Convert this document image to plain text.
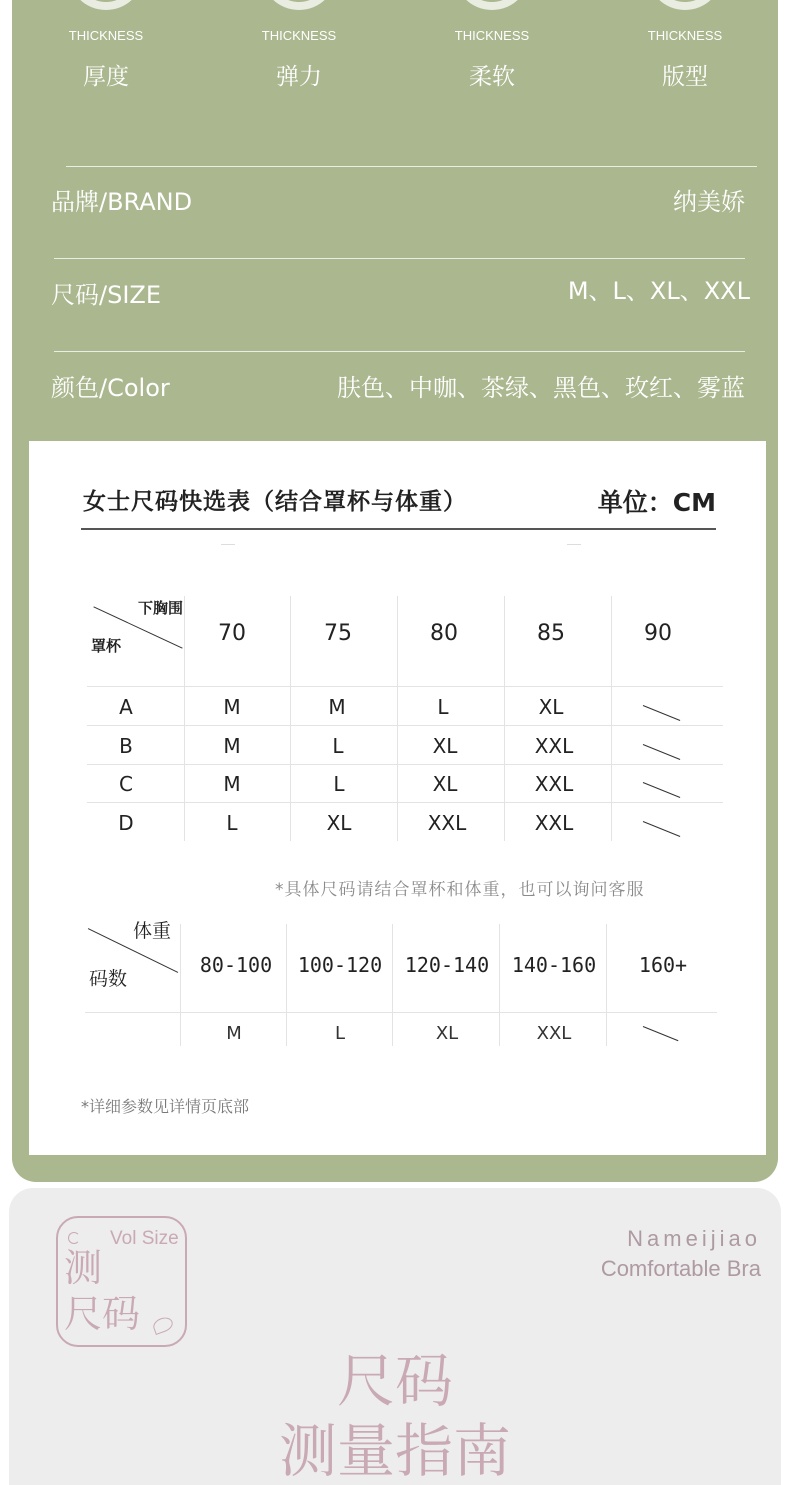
THICKNESS
厚度
THICKNESS
弹力
THICKNESS
柔软
THICKNESS
版型
品牌/BRAND	纳美娇
尺码/SIZE	M、L、XL、XXL
颜色/Color	肤色、中咖、茶绿、黑色、玫红、雾蓝
女士尺码快选表（结合罩杯与体重）	单位：CM
下胸围
罩杯	70	75	80	85	90
A	M	M	L	XL
B	M	L	XL	XXL
C	M	L	XL	XXL
D	L	XL	XXL	XXL
*具体尺码请结合罩杯和体重，也可以询问客服
体重
码数
80-100	100-120	120-140	140-160	160+
M	L	XL	XXL
*详细参数见详情页底部
Vol Size
测
尺码
Nameijiao
Comfortable Bra
尺码
测量指南
